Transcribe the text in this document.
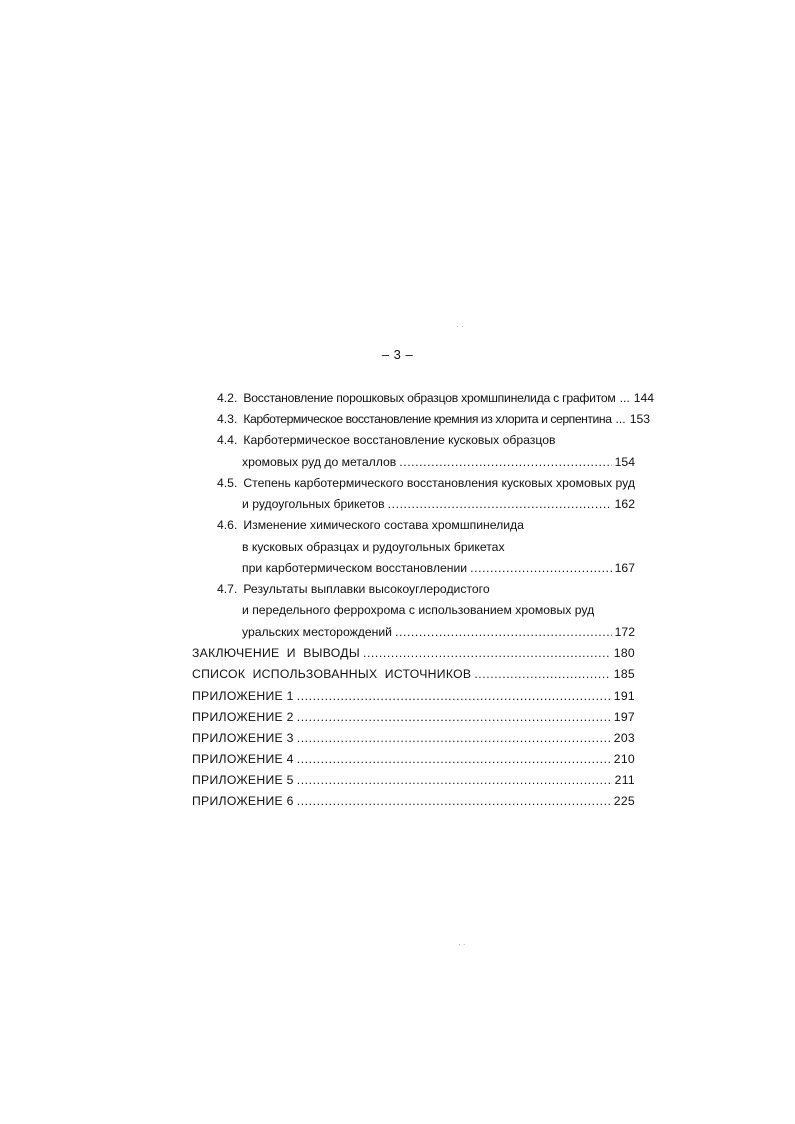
– 3 –
4.2. Восстановление порошковых образцов хромшпинелида с графитом ... 144
4.3. Карботермическое восстановление кремния из хлорита и серпентина ... 153
4.4. Карботермическое восстановление кусковых образцов
хромовых руд до металлов .....	154
4.5. Степень карботермического восстановления кусковых хромовых руд
и рудоугольных брикетов .....	162
4.6. Изменение химического состава хромшпинелида
в кусковых образцах и рудоугольных брикетах
при карботермическом восстановлении .....	167
4.7. Результаты выплавки высокоуглеродистого
и передельного феррохрома с использованием хромовых руд
уральских месторождений .....	172
ЗАКЛЮЧЕНИЕ  И  ВЫВОДЫ .....	180
СПИСОК  ИСПОЛЬЗОВАННЫХ  ИСТОЧНИКОВ .....	185
ПРИЛОЖЕНИЕ 1 .....	191
ПРИЛОЖЕНИЕ 2 .....	197
ПРИЛОЖЕНИЕ 3 .....	203
ПРИЛОЖЕНИЕ 4 .....	210
ПРИЛОЖЕНИЕ 5 .....	211
ПРИЛОЖЕНИЕ 6 .....	225
· ·
· ·
